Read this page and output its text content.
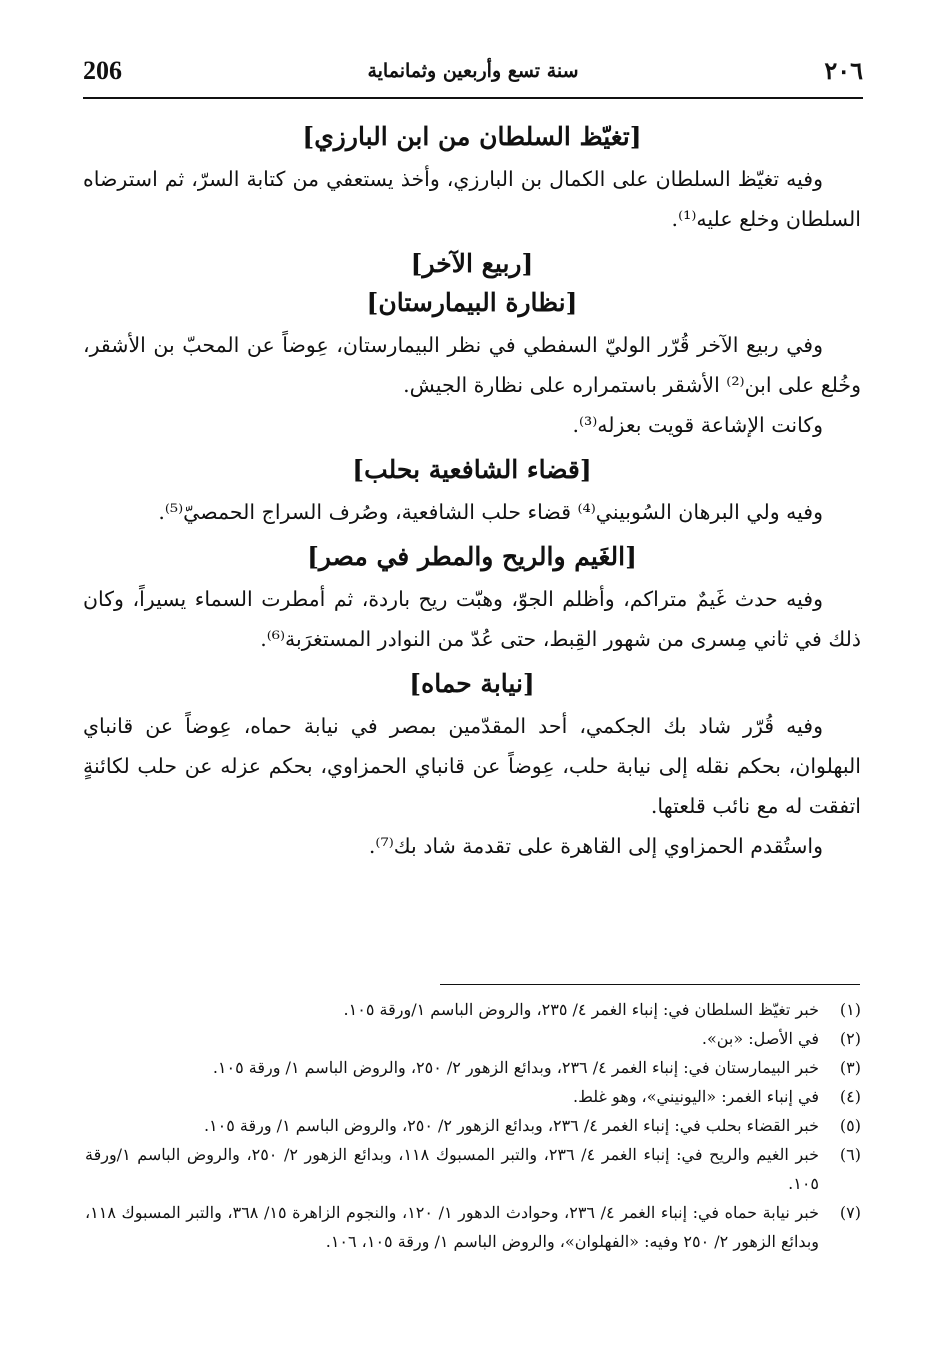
206	سنة تسع وأربعين وثمانماية	٢٠٦
[تغيّظ السلطان من ابن البارزي]

وفيه تغيّظ السلطان على الكمال بن البارزي، وأخذ يستعفي من كتابة السرّ، ثم استرضاه السلطان وخلع عليه⁽¹⁾.

[ربيع الآخر]
[نظارة البيمارستان]

وفي ربيع الآخر قُرّر الوليّ السفطي في نظر البيمارستان، عِوضاً عن المحبّ بن الأشقر، وخُلع على ابن⁽²⁾ الأشقر باستمراره على نظارة الجيش.

وكانت الإشاعة قويت بعزله⁽³⁾.

[قضاء الشافعية بحلب]

وفيه ولي البرهان السُوبيني⁽⁴⁾ قضاء حلب الشافعية، وصُرف السراج الحمصيّ⁽⁵⁾.

[الغَيم والريح والمطر في مصر]

وفيه حدث غَيمٌ متراكم، وأظلم الجوّ، وهبّت ريح باردة، ثم أمطرت السماء يسيراً، وكان ذلك في ثاني مِسرى من شهور القِبط، حتى عُدّ من النوادر المستغرَبة⁽⁶⁾.

[نيابة حماه]

وفيه قُرّر شاد بك الجكمي، أحد المقدّمين بمصر في نيابة حماه، عِوضاً عن قانباي البهلوان، بحكم نقله إلى نيابة حلب، عِوضاً عن قانباي الحمزاوي، بحكم عزله عن حلب لكائنةٍ اتفقت له مع نائب قلعتها.

واستُقدم الحمزاوي إلى القاهرة على تقدمة شاد بك⁽⁷⁾.

(١)
خبر تغيّظ السلطان في: إنباء الغمر ٤/ ٢٣٥، والروض الباسم ١/ورقة ١٠٥.
(٢)
في الأصل: «بن».
(٣)
خبر البيمارستان في: إنباء الغمر ٤/ ٢٣٦، وبدائع الزهور ٢/ ٢٥٠، والروض الباسم ١/ ورقة ١٠٥.
(٤)
في إنباء الغمر: «اليونيني»، وهو غلط.
(٥)
خبر القضاء بحلب في: إنباء الغمر ٤/ ٢٣٦، وبدائع الزهور ٢/ ٢٥٠، والروض الباسم ١/ ورقة ١٠٥.
(٦)
خبر الغيم والريح في: إنباء الغمر ٤/ ٢٣٦، والتبر المسبوك ١١٨، وبدائع الزهور ٢/ ٢٥٠، والروض الباسم ١/ورقة ١٠٥.
(٧)
خبر نيابة حماه في: إنباء الغمر ٤/ ٢٣٦، وحوادث الدهور ١/ ١٢٠، والنجوم الزاهرة ١٥/ ٣٦٨، والتبر المسبوك ١١٨، وبدائع الزهور ٢/ ٢٥٠ وفيه: «الفهلوان»، والروض الباسم ١/ ورقة ١٠٥، ١٠٦.
